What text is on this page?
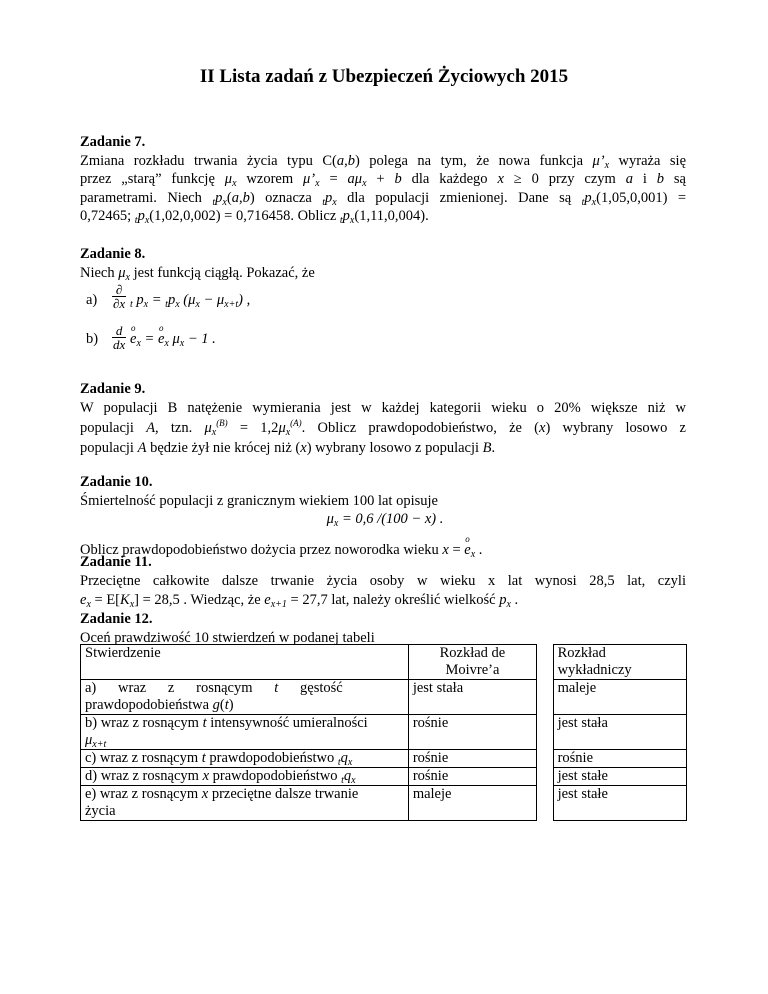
II Lista zadań z Ubezpieczeń Życiowych 2015
Zadanie 7.
Zmiana rozkładu trwania życia typu C(a,b) polega na tym, że nowa funkcja $\mu’_x$ wyraża się
przez „starą” funkcję $\mu_x$ wzorem $\mu’_x = a\mu_x + b$ dla każdego x ≥ 0 przy czym a i b są
parametrami. Niech $_tp_x(a,b)$ oznacza $_tp_x$ dla populacji zmienionej. Dane są $_tp_x(1,05,0,001)$ =
0,72465; $_tp_x(1,02,0,002) = 0,716458$. Oblicz $_tp_x(1,11,0,004)$.
Zadanie 8.
Niech $\mu_x$ jest funkcją ciągłą. Pokazać, że
a)
∂
∂x $_t$ $p_x = _tp_x$ $(\mu_x - \mu_{x+t})$ ,
$b) \frac{d}{dx}$ o $e_x = o$ $e_x$ $\mu_x - 1$ .
Zadanie 9.
W populacji B natężenie wymierania jest w każdej kategorii wieku o 20% większe niż w
populacji A, tzn. $\mu_x^{(B)} = 1,2\mu_x^{(A)}$. Oblicz prawdopodobieństwo, że (x) wybrany losowo z
populacji A będzie żył nie krócej niż (x) wybrany losowo z populacji B.
Zadanie 10.
Śmiertelność populacji z granicznym wiekiem 100 lat opisuje
$\mu_x = 0,6$ /(100 − x) .
Oblicz prawdopodobieństwo dożycia przez noworodka wieku x = o $e_x$ .
Zadanie 11.
Przeciętne całkowite dalsze trwanie życia osoby w wieku x lat wynosi 28,5 lat, czyli
$e_x = E[K_x] = 28,5$ . Wiedząc, że $e_{x+1} = 27,7$ lat, należy określić wielkość $p_x$ .
Zadanie 12.
Oceń prawdziwość 10 stwierdzeń w podanej tabeli
Stwierdzenie	Rozkład de Moivre’a		Rozkład wykładniczy

a)      wraz      z      rosnącym      t      gęstość
prawdopodobieństwa g(t)	jest stała		maleje

b) wraz z rosnącym t intensywność umieralności
$\mu_{x+t}$	rośnie		jest stała
c) wraz z rosnącym t prawdopodobieństwo $_tq_x$	rośnie		rośnie
d) wraz z rosnącym x prawdopodobieństwo $_tq_x$	rośnie		jest stałe

e) wraz z rosnącym x przeciętne dalsze trwanie
życia	maleje		jest stałe
